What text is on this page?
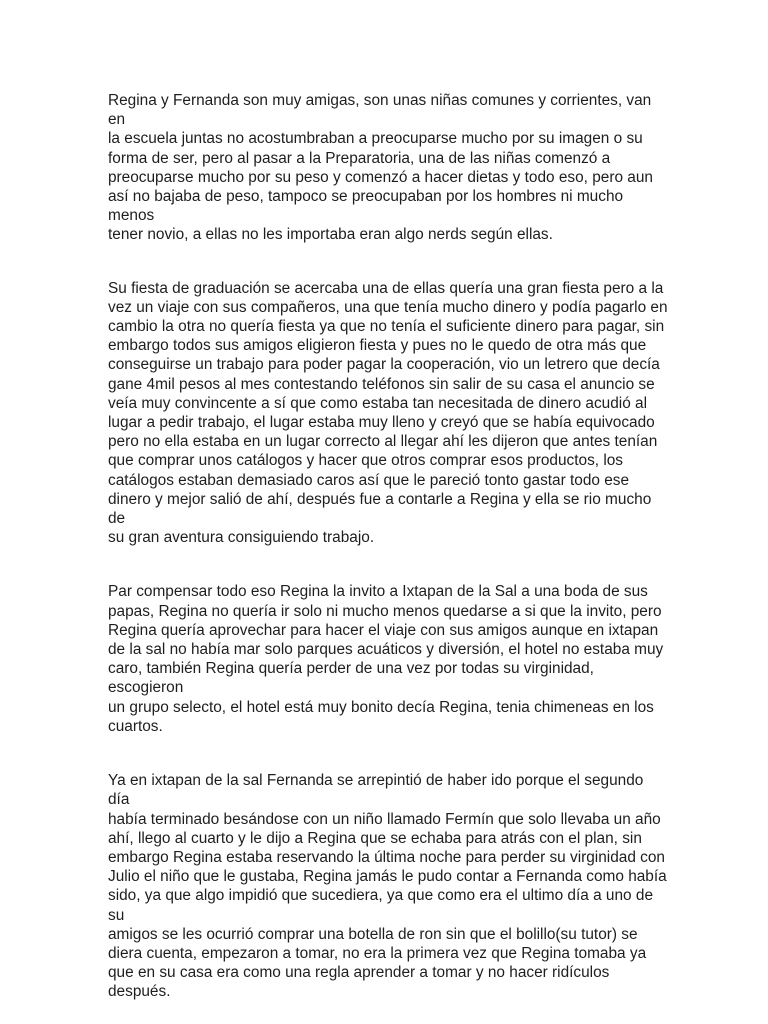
Regina y Fernanda son muy amigas, son unas niñas comunes y corrientes, van en
la escuela juntas no acostumbraban a preocuparse mucho por su imagen o su
forma de ser, pero al pasar a la Preparatoria, una de las niñas comenzó a
preocuparse mucho por su peso y comenzó a hacer dietas y todo eso, pero aun
así no bajaba de peso, tampoco se preocupaban por los hombres ni mucho menos
tener novio, a ellas no les importaba eran algo nerds según ellas.

Su fiesta de graduación se acercaba una de ellas quería una gran fiesta pero a la
vez un viaje con sus compañeros, una que tenía mucho dinero y podía pagarlo en
cambio la otra no quería fiesta ya que no tenía el suficiente dinero para pagar, sin
embargo todos sus amigos eligieron fiesta y pues no le quedo de otra más que
conseguirse un trabajo para poder pagar la cooperación, vio un letrero que decía
gane 4mil pesos al mes contestando teléfonos sin salir de su casa el anuncio se
veía muy convincente a sí que como estaba tan necesitada de dinero acudió al
lugar a pedir trabajo, el lugar estaba muy lleno y creyó que se había equivocado
pero no ella estaba en un lugar correcto al llegar ahí les dijeron que antes tenían
que comprar unos catálogos y hacer que otros comprar esos productos, los
catálogos estaban demasiado caros así que le pareció tonto gastar todo ese
dinero y mejor salió de ahí, después fue a contarle a Regina y ella se rio mucho de
su gran aventura consiguiendo trabajo.

Par compensar todo eso Regina la invito a Ixtapan de la Sal a una boda de sus
papas, Regina no quería ir solo ni mucho menos quedarse a si que la invito, pero
Regina quería aprovechar para hacer el viaje con sus amigos aunque en ixtapan
de la sal no había mar solo parques acuáticos y diversión, el hotel no estaba muy
caro, también Regina quería perder de una vez por todas su virginidad, escogieron
un grupo selecto, el hotel está muy bonito decía Regina, tenia chimeneas en los
cuartos.

Ya en ixtapan de la sal Fernanda se arrepintió de haber ido porque el segundo día
había terminado besándose con un niño llamado Fermín que solo llevaba un año
ahí, llego al cuarto y le dijo a Regina que se echaba para atrás con el plan, sin
embargo Regina estaba reservando la última noche para perder su virginidad con
Julio el niño que le gustaba, Regina jamás le pudo contar a Fernanda como había
sido, ya que algo impidió que sucediera, ya que como era el ultimo día a uno de su
amigos se les ocurrió comprar una botella de ron sin que el bolillo(su tutor) se
diera cuenta, empezaron a tomar, no era la primera vez que Regina tomaba ya
que en su casa era como una regla aprender a tomar y no hacer ridículos
después.
